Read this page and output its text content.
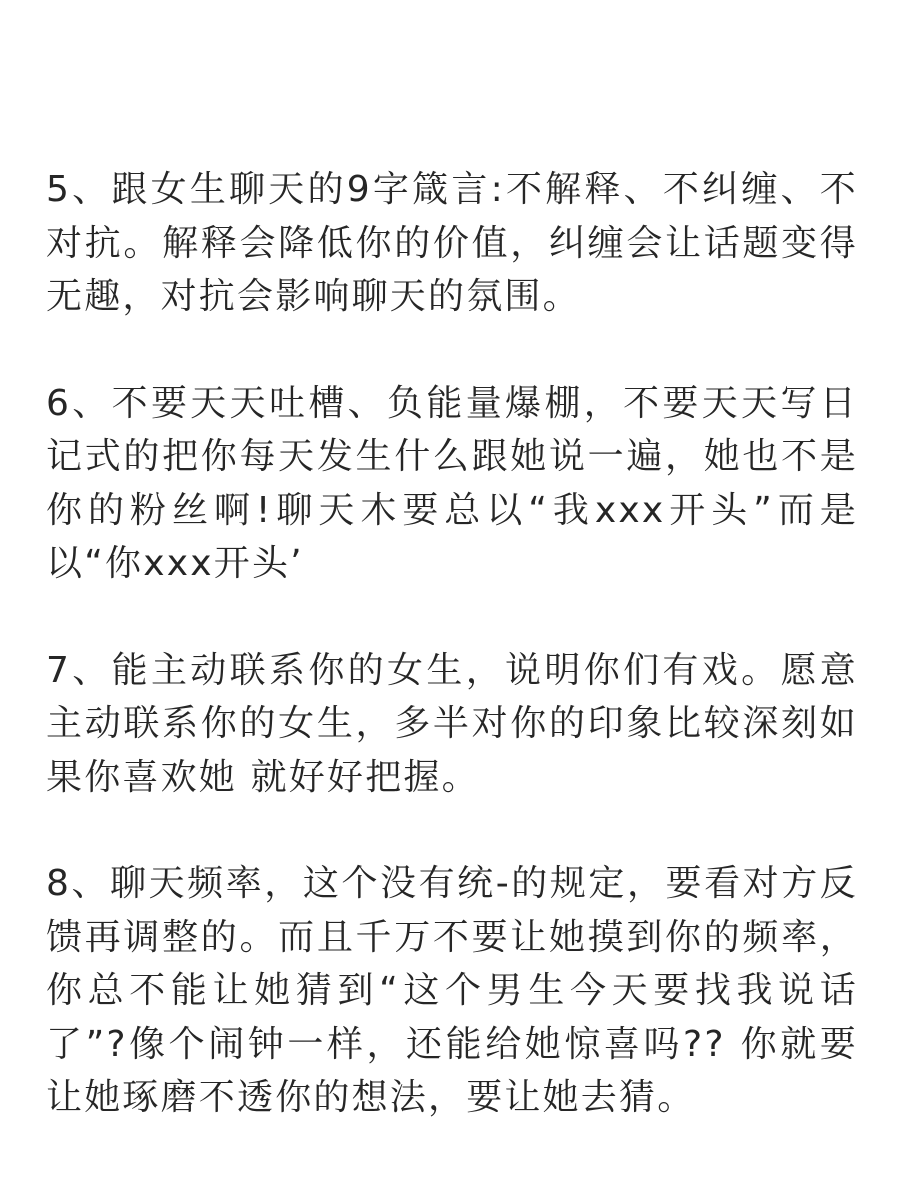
5、跟女生聊天的9字箴言:不解释、不纠缠、不对抗。解释会降低你的价值，纠缠会让话题变得无趣，对抗会影响聊天的氛围。

6、不要天天吐槽、负能量爆棚，不要天天写日记式的把你每天发生什么跟她说一遍，她也不是你的粉丝啊!聊天木要总以“我xxx开头”而是以“你xxx开头’

7、能主动联系你的女生，说明你们有戏。愿意主动联系你的女生，多半对你的印象比较深刻如果你喜欢她 就好好把握。

8、聊天频率，这个没有统-的规定，要看对方反馈再调整的。而且千万不要让她摸到你的频率，你总不能让她猜到“这个男生今天要找我说话了”?像个闹钟一样，还能给她惊喜吗?? 你就要让她琢磨不透你的想法，要让她去猜。
